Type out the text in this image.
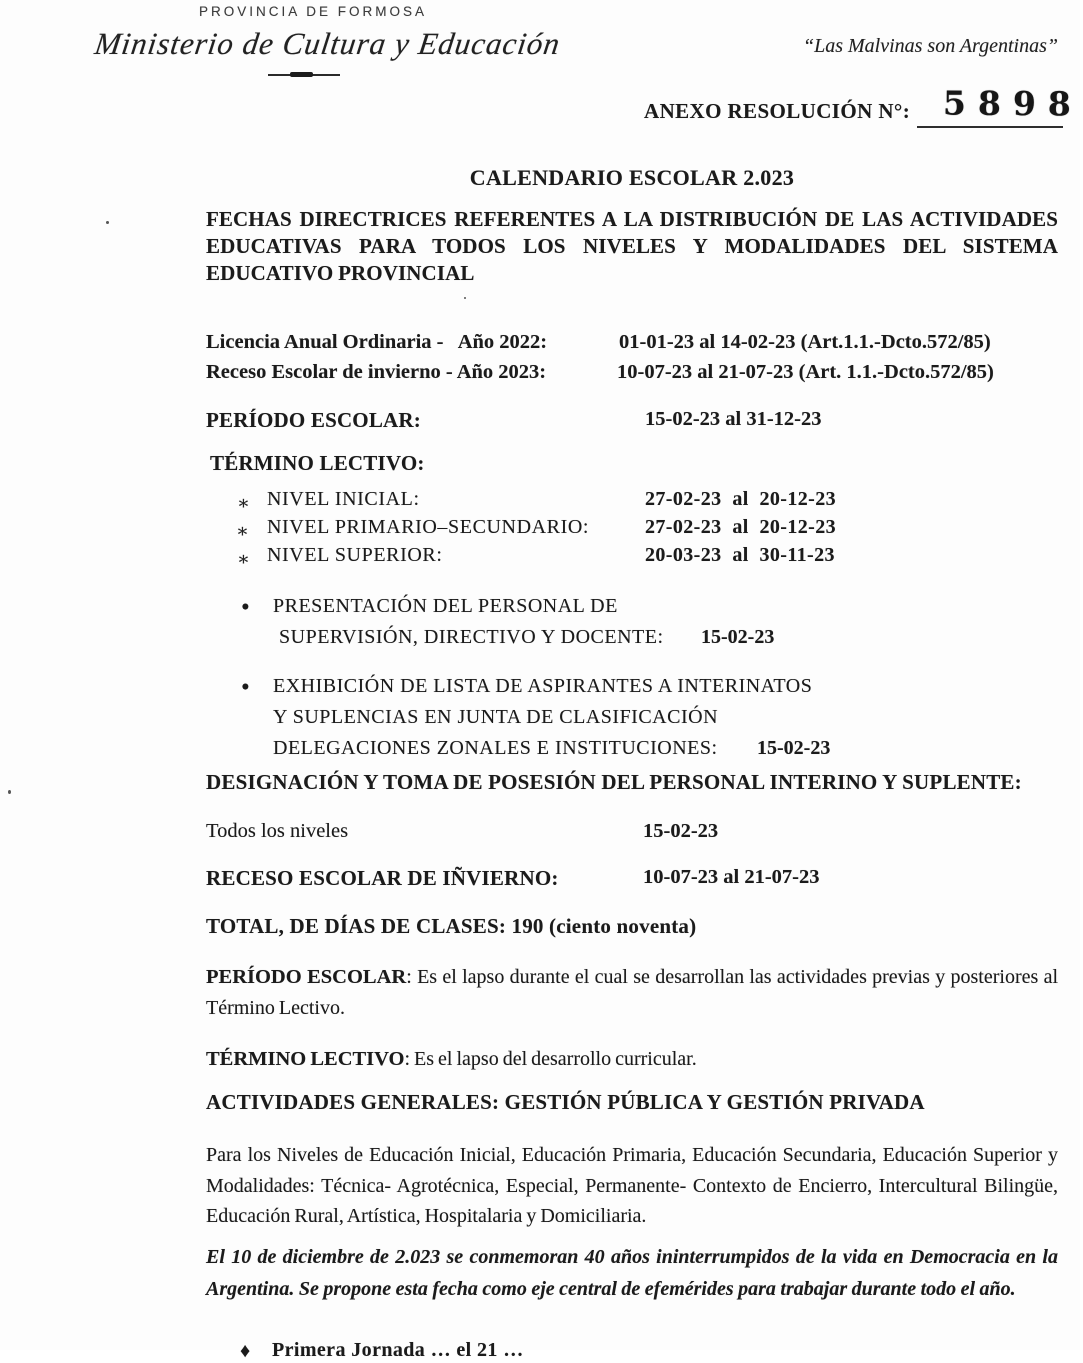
PROVINCIA DE FORMOSA
Ministerio de Cultura y Educación	“Las Malvinas son Argentinas”
ANEXO RESOLUCIÓN N°: 5898
CALENDARIO ESCOLAR 2.023
FECHAS DIRECTRICES REFERENTES A LA DISTRIBUCIÓN DE LAS ACTIVIDADES EDUCATIVAS PARA TODOS LOS NIVELES Y MODALIDADES DEL SISTEMA EDUCATIVO PROVINCIAL
Licencia Anual Ordinaria -   Año 2022:	01-01-23 al 14-02-23 (Art.1.1.-Dcto.572/85)
Receso Escolar de invierno - Año 2023:	10-07-23 al 21-07-23 (Art. 1.1.-Dcto.572/85)
PERÍODO ESCOLAR:	15-02-23 al 31-12-23
TÉRMINO LECTIVO:
∗ NIVEL INICIAL:	27-02-23  al  20-12-23
∗ NIVEL PRIMARIO–SECUNDARIO:	27-02-23  al  20-12-23
∗ NIVEL SUPERIOR:	20-03-23  al  30-11-23
• PRESENTACIÓN DEL PERSONAL DE
SUPERVISIÓN, DIRECTIVO Y DOCENTE: 15-02-23
• EXHIBICIÓN DE LISTA DE ASPIRANTES A INTERINATOS
Y SUPLENCIAS EN JUNTA DE CLASIFICACIÓN
DELEGACIONES ZONALES E INSTITUCIONES: 15-02-23
DESIGNACIÓN Y TOMA DE POSESIÓN DEL PERSONAL INTERINO Y SUPLENTE:
Todos los niveles	15-02-23
RECESO ESCOLAR DE IÑVIERNO:	10-07-23 al 21-07-23
TOTAL, DE DÍAS DE CLASES: 190 (ciento noventa)
PERÍODO ESCOLAR: Es el lapso durante el cual se desarrollan las actividades previas y posteriores al Término Lectivo.
TÉRMINO LECTIVO: Es el lapso del desarrollo curricular.
ACTIVIDADES GENERALES: GESTIÓN PÚBLICA Y GESTIÓN PRIVADA
Para los Niveles de Educación Inicial, Educación Primaria, Educación Secundaria, Educación Superior y Modalidades: Técnica- Agrotécnica, Especial, Permanente- Contexto de Encierro, Intercultural Bilingüe, Educación Rural, Artística, Hospitalaria y Domiciliaria.
El 10 de diciembre de 2.023 se conmemoran 40 años ininterrumpidos de la vida en Democracia en la Argentina. Se propone esta fecha como eje central de efemérides para trabajar durante todo el año.
♦ Primera Jornada … el 21 …
